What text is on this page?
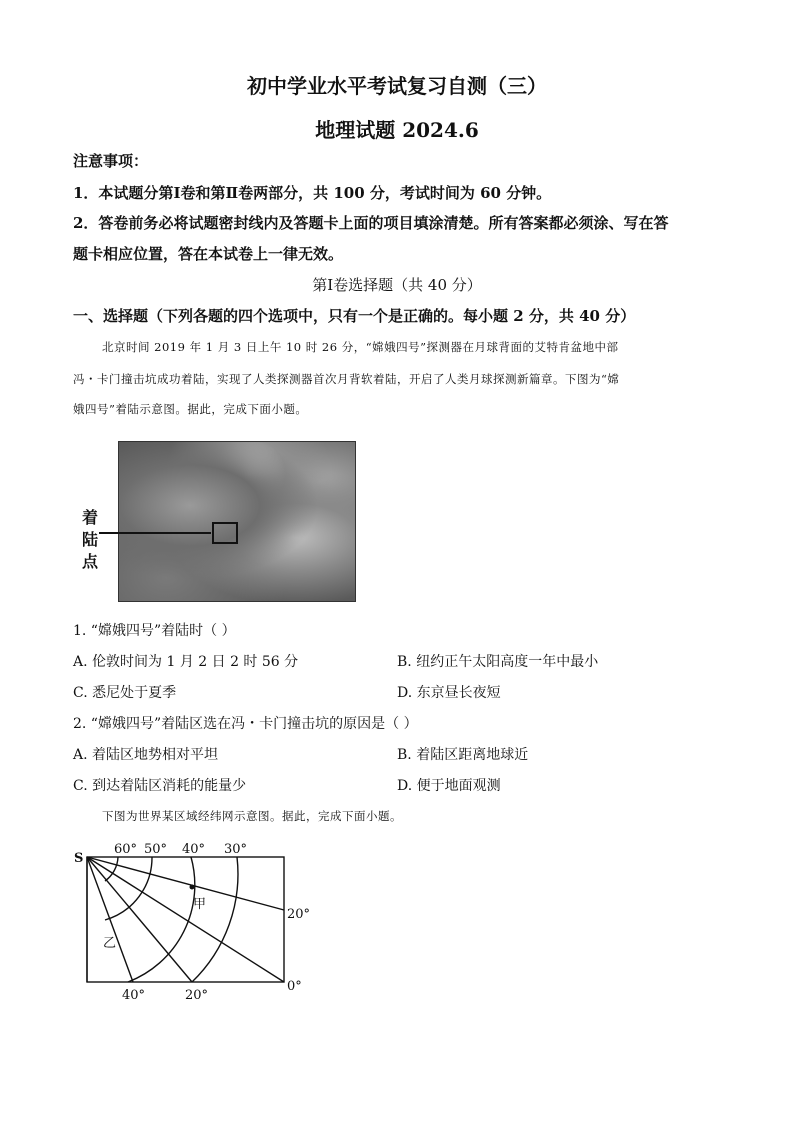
初中学业水平考试复习自测（三）
地理试题 2024.6
注意事项：
1．本试题分第Ⅰ卷和第Ⅱ卷两部分，共 100 分，考试时间为 60 分钟。
2．答卷前务必将试题密封线内及答题卡上面的项目填涂清楚。所有答案都必须涂、写在答
题卡相应位置，答在本试卷上一律无效。
第Ⅰ卷选择题（共 40 分）
一、选择题（下列各题的四个选项中，只有一个是正确的。每小题 2 分，共 40 分）
北京时间 2019 年 1 月 3 日上午 10 时 26 分，“嫦娥四号”探测器在月球背面的艾特肯盆地中部
冯・卡门撞击坑成功着陆，实现了人类探测器首次月背软着陆，开启了人类月球探测新篇章。下图为“嫦
娥四号”着陆示意图。据此，完成下面小题。
着陆点
1. “嫦娥四号”着陆时（ ）
A. 伦敦时间为 1 月 2 日 2 时 56 分	B. 纽约正午太阳高度一年中最小
C. 悉尼处于夏季	D. 东京昼长夜短
2. “嫦娥四号”着陆区选在冯・卡门撞击坑的原因是（ ）
A. 着陆区地势相对平坦	B. 着陆区距离地球近
C. 到达着陆区消耗的能量少	D. 便于地面观测
下图为世界某区域经纬网示意图。据此，完成下面小题。
S
60° 50° 40° 30°
20°
0°
20°
40°
甲
乙
